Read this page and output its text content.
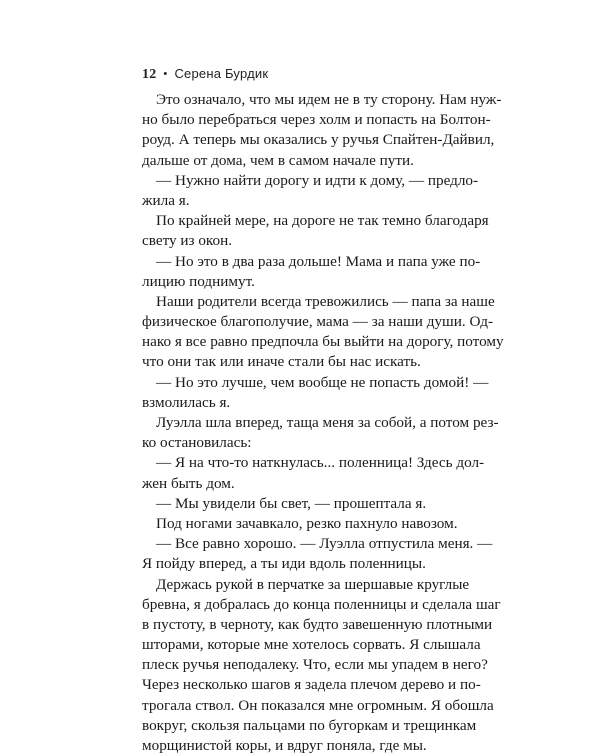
12 • Серена Бурдик
Это означало, что мы идем не в ту сторону. Нам нуж-
но было перебраться через холм и попасть на Болтон-
роуд. А теперь мы оказались у ручья Спайтен-Дайвил,
дальше от дома, чем в самом начале пути.
— Нужно найти дорогу и идти к дому, — предло-
жила я.
По крайней мере, на дороге не так темно благодаря
свету из окон.
— Но это в два раза дольше! Мама и папа уже по-
лицию поднимут.
Наши родители всегда тревожились — папа за наше
физическое благополучие, мама — за наши души. Од-
нако я все равно предпочла бы выйти на дорогу, потому
что они так или иначе стали бы нас искать.
— Но это лучше, чем вообще не попасть домой! —
взмолилась я.
Луэлла шла вперед, таща меня за собой, а потом рез-
ко остановилась:
— Я на что-то наткнулась... поленница! Здесь дол-
жен быть дом.
— Мы увидели бы свет, — прошептала я.
Под ногами зачавкало, резко пахнуло навозом.
— Все равно хорошо. — Луэлла отпустила меня. —
Я пойду вперед, а ты иди вдоль поленницы.
Держась рукой в перчатке за шершавые круглые
бревна, я добралась до конца поленницы и сделала шаг
в пустоту, в черноту, как будто завешенную плотными
шторами, которые мне хотелось сорвать. Я слышала
плеск ручья неподалеку. Что, если мы упадем в него?
Через несколько шагов я задела плечом дерево и по-
трогала ствол. Он показался мне огромным. Я обошла
вокруг, скользя пальцами по бугоркам и трещинкам
морщинистой коры, и вдруг поняла, где мы.
